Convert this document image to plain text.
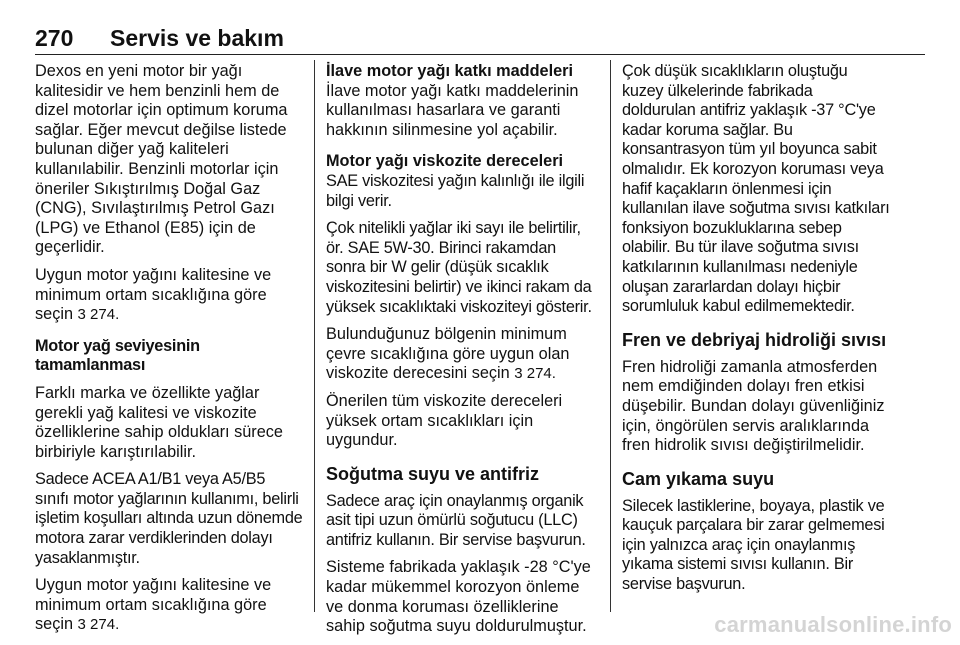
270 Servis ve bakım

Dexos en yeni motor bir yağı kalitesidir ve hem benzinli hem de dizel motorlar için optimum koruma sağlar. Eğer mevcut değilse listede bulunan diğer yağ kaliteleri kullanılabilir. Benzinli motorlar için öneriler Sıkıştırılmış Doğal Gaz (CNG), Sıvılaştırılmış Petrol Gazı (LPG) ve Ethanol (E85) için de geçerlidir.

Uygun motor yağını kalitesine ve minimum ortam sıcaklığına göre seçin 3 274.

Motor yağ seviyesinin tamamlanması

Farklı marka ve özellikte yağlar gerekli yağ kalitesi ve viskozite özelliklerine sahip oldukları sürece birbiriyle karıştırılabilir.

Sadece ACEA A1/B1 veya A5/B5 sınıfı motor yağlarının kullanımı, belirli işletim koşulları altında uzun dönemde motora zarar verdiklerinden dolayı yasaklanmıştır.

Uygun motor yağını kalitesine ve minimum ortam sıcaklığına göre seçin 3 274.

İlave motor yağı katkı maddeleri

İlave motor yağı katkı maddelerinin kullanılması hasarlara ve garanti hakkının silinmesine yol açabilir.

Motor yağı viskozite dereceleri

SAE viskozitesi yağın kalınlığı ile ilgili bilgi verir.

Çok nitelikli yağlar iki sayı ile belirtilir, ör. SAE 5W-30. Birinci rakamdan sonra bir W gelir (düşük sıcaklık viskozitesini belirtir) ve ikinci rakam da yüksek sıcaklıktaki viskoziteyi gösterir.

Bulunduğunuz bölgenin minimum çevre sıcaklığına göre uygun olan viskozite derecesini seçin 3 274.

Önerilen tüm viskozite dereceleri yüksek ortam sıcaklıkları için uygundur.

Soğutma suyu ve antifriz

Sadece araç için onaylanmış organik asit tipi uzun ömürlü soğutucu (LLC) antifriz kullanın. Bir servise başvurun.

Sisteme fabrikada yaklaşık -28 °C'ye kadar mükemmel korozyon önleme ve donma koruması özelliklerine sahip soğutma suyu doldurulmuştur.

Çok düşük sıcaklıkların oluştuğu kuzey ülkelerinde fabrikada doldurulan antifriz yaklaşık -37 °C'ye kadar koruma sağlar. Bu konsantrasyon tüm yıl boyunca sabit olmalıdır. Ek korozyon koruması veya hafif kaçakların önlenmesi için kullanılan ilave soğutma sıvısı katkıları fonksiyon bozukluklarına sebep olabilir. Bu tür ilave soğutma sıvısı katkılarının kullanılması nedeniyle oluşan zararlardan dolayı hiçbir sorumluluk kabul edilmemektedir.

Fren ve debriyaj hidroliği sıvısı

Fren hidroliği zamanla atmosferden nem emdiğinden dolayı fren etkisi düşebilir. Bundan dolayı güvenliğiniz için, öngörülen servis aralıklarında fren hidrolik sıvısı değiştirilmelidir.

Cam yıkama suyu

Silecek lastiklerine, boyaya, plastik ve kauçuk parçalara bir zarar gelmemesi için yalnızca araç için onaylanmış yıkama sistemi sıvısı kullanın. Bir servise başvurun.

carmanualsonline.info
